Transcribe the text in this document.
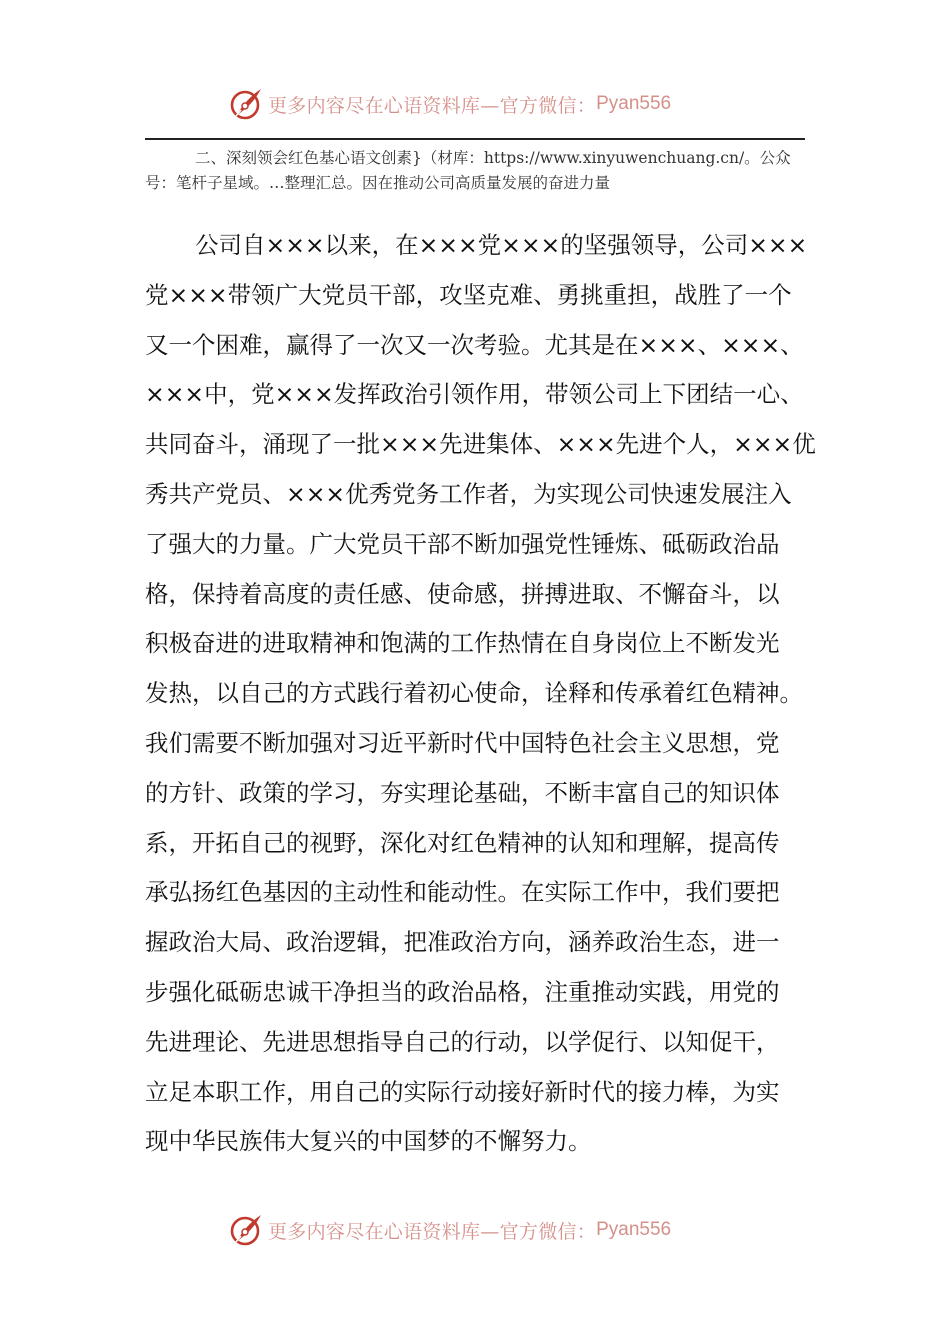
更多内容尽在心语资料库—官方微信： Pyan556

二、深刻领会红色基心语文创素}（材库：https://www.xinyuwenchuang.cn/。公众号：笔杆子星域。…整理汇总。因在推动公司高质量发展的奋进力量

公司自×××以来，在×××党×××的坚强领导，公司×××
党×××带领广大党员干部，攻坚克难、勇挑重担，战胜了一个
又一个困难，赢得了一次又一次考验。尤其是在×××、×××、
×××中，党×××发挥政治引领作用，带领公司上下团结一心、
共同奋斗，涌现了一批×××先进集体、×××先进个人，×××优
秀共产党员、×××优秀党务工作者，为实现公司快速发展注入
了强大的力量。广大党员干部不断加强党性锤炼、砥砺政治品
格，保持着高度的责任感、使命感，拼搏进取、不懈奋斗，以
积极奋进的进取精神和饱满的工作热情在自身岗位上不断发光
发热，以自己的方式践行着初心使命，诠释和传承着红色精神。
我们需要不断加强对习近平新时代中国特色社会主义思想，党
的方针、政策的学习，夯实理论基础，不断丰富自己的知识体
系，开拓自己的视野，深化对红色精神的认知和理解，提高传
承弘扬红色基因的主动性和能动性。在实际工作中，我们要把
握政治大局、政治逻辑，把准政治方向，涵养政治生态，进一
步强化砥砺忠诚干净担当的政治品格，注重推动实践，用党的
先进理论、先进思想指导自己的行动，以学促行、以知促干，
立足本职工作，用自己的实际行动接好新时代的接力棒，为实
现中华民族伟大复兴的中国梦的不懈努力。
更多内容尽在心语资料库—官方微信： Pyan556
